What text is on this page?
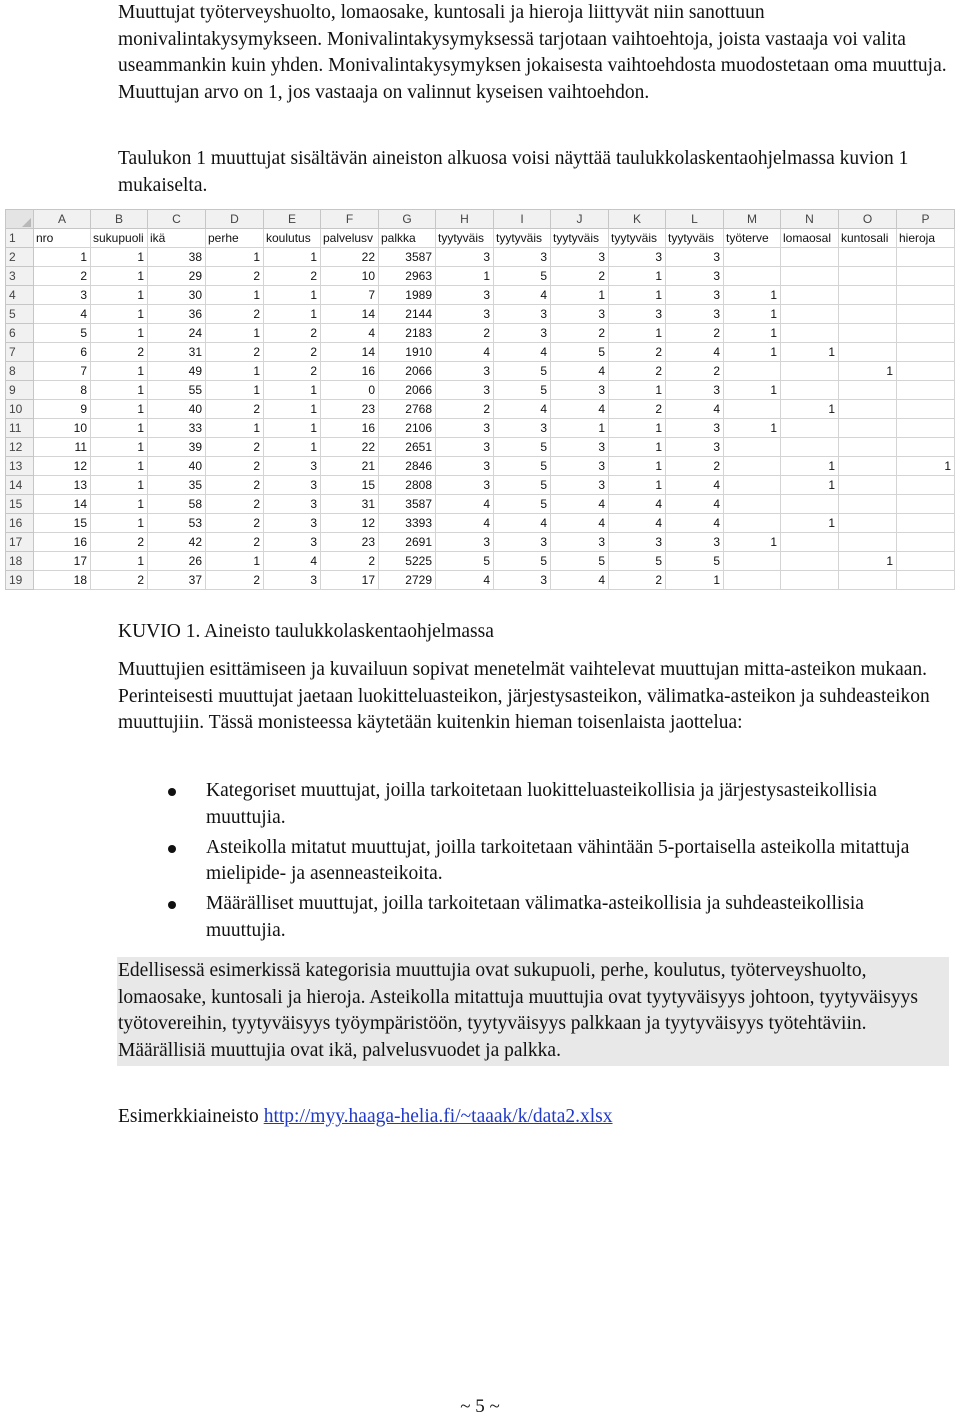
Muuttujat työterveyshuolto, lomaosake, kuntosali ja hieroja liittyvät niin sanottuun monivalintakysymykseen. Monivalintakysymyksessä tarjotaan vaihtoehtoja, joista vastaaja voi valita useammankin kuin yhden. Monivalintakysymyksen jokaisesta vaihtoehdosta muodostetaan oma muuttuja. Muuttujan arvo on 1, jos vastaaja on valinnut kyseisen vaihtoehdon.

Taulukon 1 muuttujat sisältävän aineiston alkuosa voisi näyttää taulukkolaskentaohjelmassa kuvion 1 mukaiselta.

	A	B	C	D	E	F	G	H	I	J	K	L	M	N	O	P
1	nro	sukupuoli	ikä	perhe	koulutus	palvelusv	palkka	tyytyväis	tyytyväis	tyytyväis	tyytyväis	tyytyväis	työterve	lomaosal	kuntosali	hieroja
2	1	1	38	1	1	22	3587	3	3	3	3	3				
3	2	1	29	2	2	10	2963	1	5	2	1	3				
4	3	1	30	1	1	7	1989	3	4	1	1	3	1			
5	4	1	36	2	1	14	2144	3	3	3	3	3	1			
6	5	1	24	1	2	4	2183	2	3	2	1	2	1			
7	6	2	31	2	2	14	1910	4	4	5	2	4	1	1		
8	7	1	49	1	2	16	2066	3	5	4	2	2			1	
9	8	1	55	1	1	0	2066	3	5	3	1	3	1			
10	9	1	40	2	1	23	2768	2	4	4	2	4		1		
11	10	1	33	1	1	16	2106	3	3	1	1	3	1			
12	11	1	39	2	1	22	2651	3	5	3	1	3				
13	12	1	40	2	3	21	2846	3	5	3	1	2		1		1
14	13	1	35	2	3	15	2808	3	5	3	1	4		1		
15	14	1	58	2	3	31	3587	4	5	4	4	4				
16	15	1	53	2	3	12	3393	4	4	4	4	4		1		
17	16	2	42	2	3	23	2691	3	3	3	3	3	1			
18	17	1	26	1	4	2	5225	5	5	5	5	5			1	
19	18	2	37	2	3	17	2729	4	3	4	2	1				

KUVIO 1. Aineisto taulukkolaskentaohjelmassa

Muuttujien esittämiseen ja kuvailuun sopivat menetelmät vaihtelevat muuttujan mitta-asteikon mukaan. Perinteisesti muuttujat jaetaan luokitteluasteikon, järjestysasteikon, välimatka-asteikon ja suhdeasteikon muuttujiin. Tässä monisteessa käytetään kuitenkin hieman toisenlaista jaottelua:

Kategoriset muuttujat, joilla tarkoitetaan luokitteluasteikollisia ja järjestysasteikollisia muuttujia.
Asteikolla mitatut muuttujat, joilla tarkoitetaan vähintään 5-portaisella asteikolla mitattuja mielipide- ja asenneasteikoita.
Määrälliset muuttujat, joilla tarkoitetaan välimatka-asteikollisia ja suhdeasteikollisia muuttujia.

Edellisessä esimerkissä kategorisia muuttujia ovat sukupuoli, perhe, koulutus, työterveyshuolto, lomaosake, kuntosali ja hieroja. Asteikolla mitattuja muuttujia ovat tyytyväisyys johtoon, tyytyväisyys työtovereihin, tyytyväisyys työympäristöön, tyytyväisyys palkkaan ja tyytyväisyys työtehtäviin. Määrällisiä muuttujia ovat ikä, palvelusvuodet ja palkka.

Esimerkkiaineisto http://myy.haaga-helia.fi/~taaak/k/data2.xlsx

~ 5 ~
